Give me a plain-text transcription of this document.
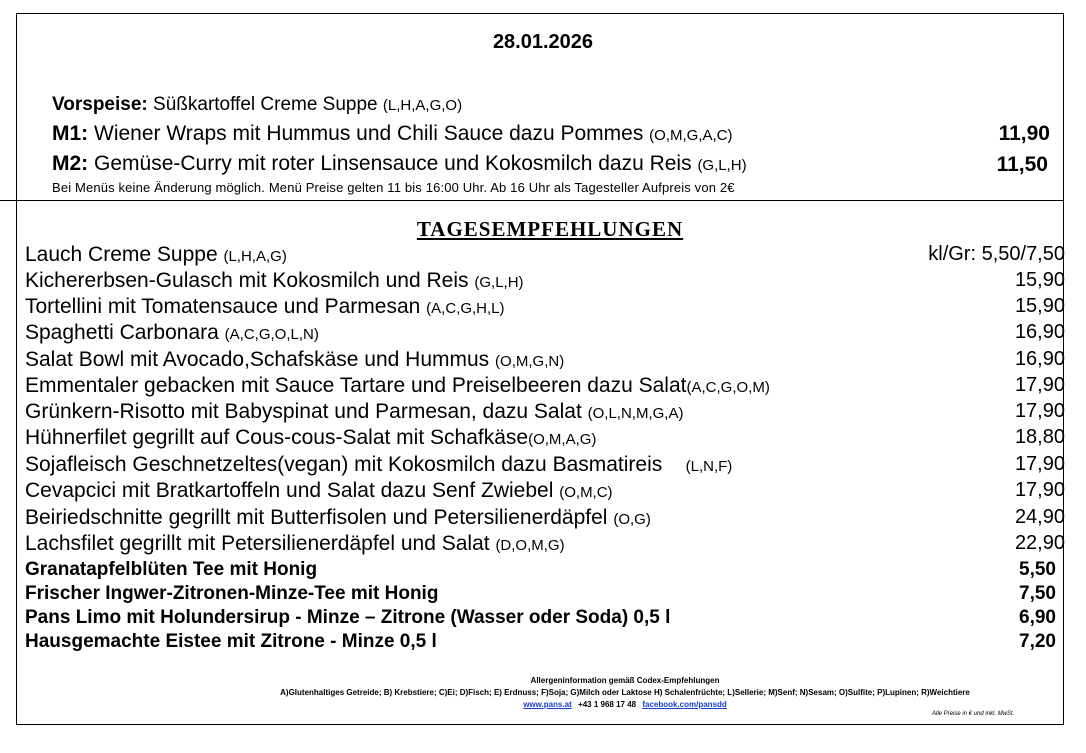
28.01.2026
Vorspeise: Süßkartoffel Creme Suppe (L,H,A,G,O)
M1: Wiener Wraps mit Hummus und Chili Sauce dazu Pommes (O,M,G,A,C)	11,90
M2: Gemüse-Curry mit roter Linsensauce und Kokosmilch dazu Reis (G,L,H)	11,50
Bei Menüs keine Änderung möglich. Menü Preise gelten 11 bis 16:00 Uhr. Ab 16 Uhr als Tagesteller Aufpreis von 2€
TAGESEMPFEHLUNGEN
Lauch Creme Suppe (L,H,A,G)	kl/Gr: 5,50/7,50
Kichererbsen-Gulasch mit Kokosmilch und Reis (G,L,H)	15,90
Tortellini mit Tomatensauce und Parmesan (A,C,G,H,L)	15,90
Spaghetti Carbonara (A,C,G,O,L,N)	16,90
Salat Bowl mit Avocado,Schafskäse und Hummus (O,M,G,N)	16,90
Emmentaler gebacken mit Sauce Tartare und Preiselbeeren dazu Salat(A,C,G,O,M)	17,90
Grünkern-Risotto mit Babyspinat und Parmesan, dazu Salat (O,L,N,M,G,A)	17,90
Hühnerfilet gegrillt auf Cous-cous-Salat mit Schafkäse(O,M,A,G)	18,80
Sojafleisch Geschnetzeltes(vegan) mit Kokosmilch dazu Basmatireis (L,N,F)	17,90
Cevapcici mit Bratkartoffeln und Salat dazu Senf Zwiebel (O,M,C)	17,90
Beiriedschnitte gegrillt mit Butterfisolen und Petersilienerdäpfel (O,G)	24,90
Lachsfilet gegrillt mit Petersilienerdäpfel und Salat (D,O,M,G)	22,90
Granatapfelblüten Tee mit Honig	5,50
Frischer Ingwer-Zitronen-Minze-Tee mit Honig	7,50
Pans Limo mit Holundersirup - Minze – Zitrone (Wasser oder Soda) 0,5 l	6,90
Hausgemachte Eistee mit Zitrone - Minze 0,5 l	7,20
Allergeninformation gemäß Codex-Empfehlungen
A)Glutenhaltiges Getreide; B) Krebstiere; C)Ei; D)Fisch; E) Erdnuss; F)Soja; G)Milch oder Laktose H) Schalenfrüchte; L)Sellerie; M)Senf; N)Sesam; O)Sulfite; P)Lupinen; R)Weichtiere
www.pans.at +43 1 968 17 48 facebook.com/pansdd
Alle Preise in € und inkl. MwSt.
